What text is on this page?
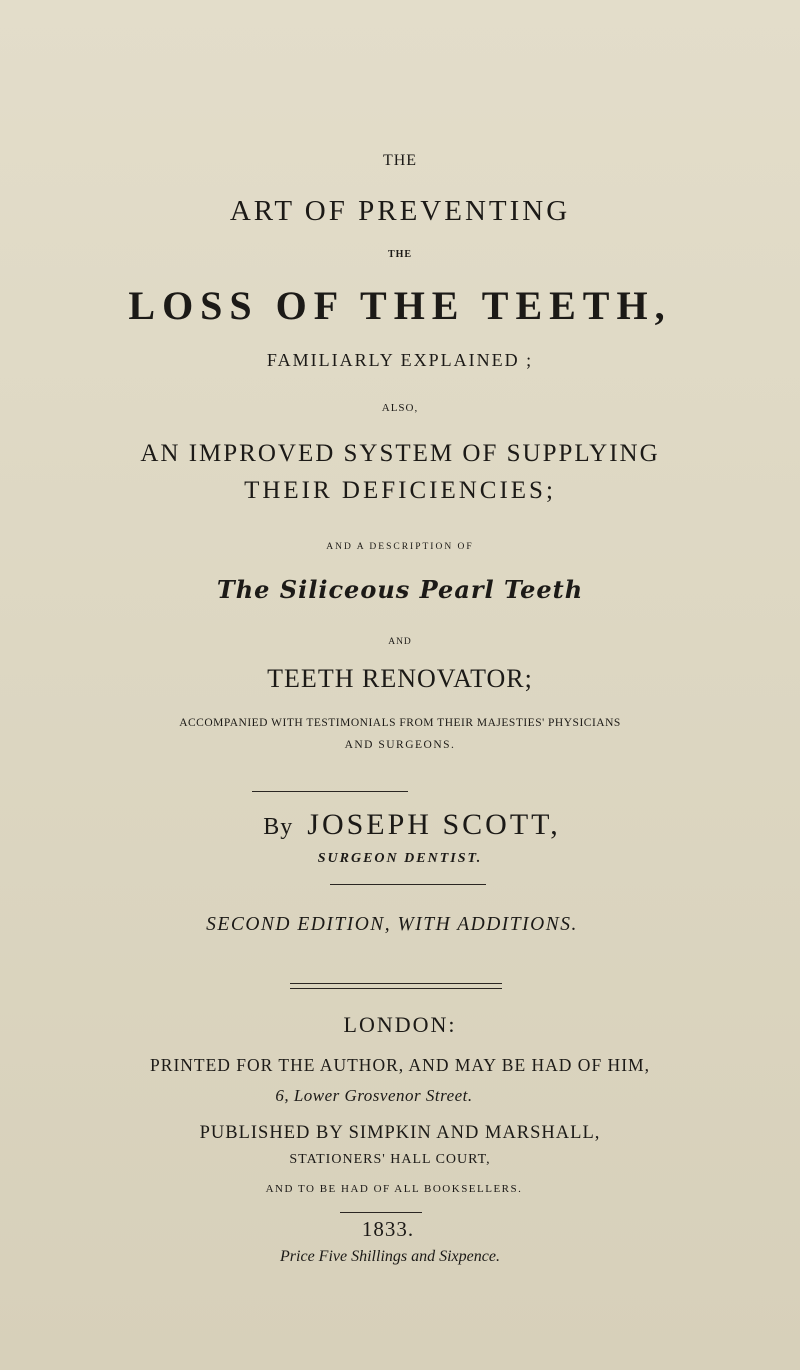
THE
ART OF PREVENTING
THE
LOSS OF THE TEETH,
FAMILIARLY EXPLAINED ;
ALSO,
AN IMPROVED SYSTEM OF SUPPLYING
THEIR DEFICIENCIES;
AND A DESCRIPTION OF
The Siliceous Pearl Teeth
AND
TEETH RENOVATOR;
ACCOMPANIED WITH TESTIMONIALS FROM THEIR MAJESTIES' PHYSICIANS
AND SURGEONS.
By JOSEPH SCOTT,
SURGEON DENTIST.
SECOND EDITION, WITH ADDITIONS.
LONDON:
PRINTED FOR THE AUTHOR, AND MAY BE HAD OF HIM,
6, Lower Grosvenor Street.
PUBLISHED BY SIMPKIN AND MARSHALL,
STATIONERS' HALL COURT,
AND TO BE HAD OF ALL BOOKSELLERS.
1833.
Price Five Shillings and Sixpence.
